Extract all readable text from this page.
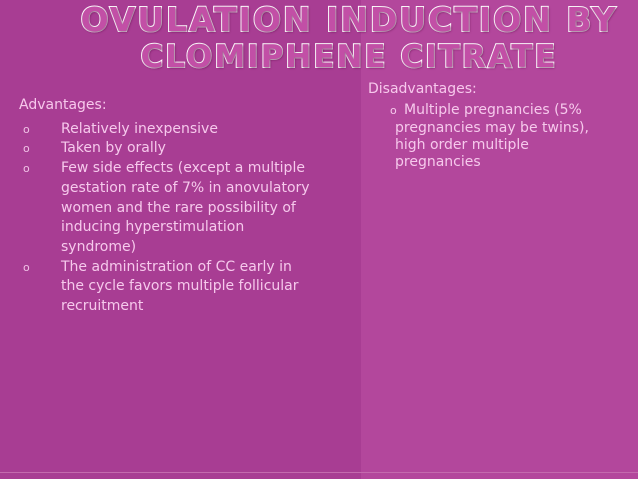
OVULATION INDUCTION BY
CLOMIPHENE CITRATE
Advantages:
o Relatively inexpensive
o Taken by orally
o Few side effects (except a multiple gestation rate of 7% in anovulatory women and the rare possibility of inducing hyperstimulation syndrome)
o The administration of CC early in the cycle favors multiple follicular recruitment
Disadvantages:
o Multiple pregnancies (5% pregnancies may be twins), high order multiple pregnancies
